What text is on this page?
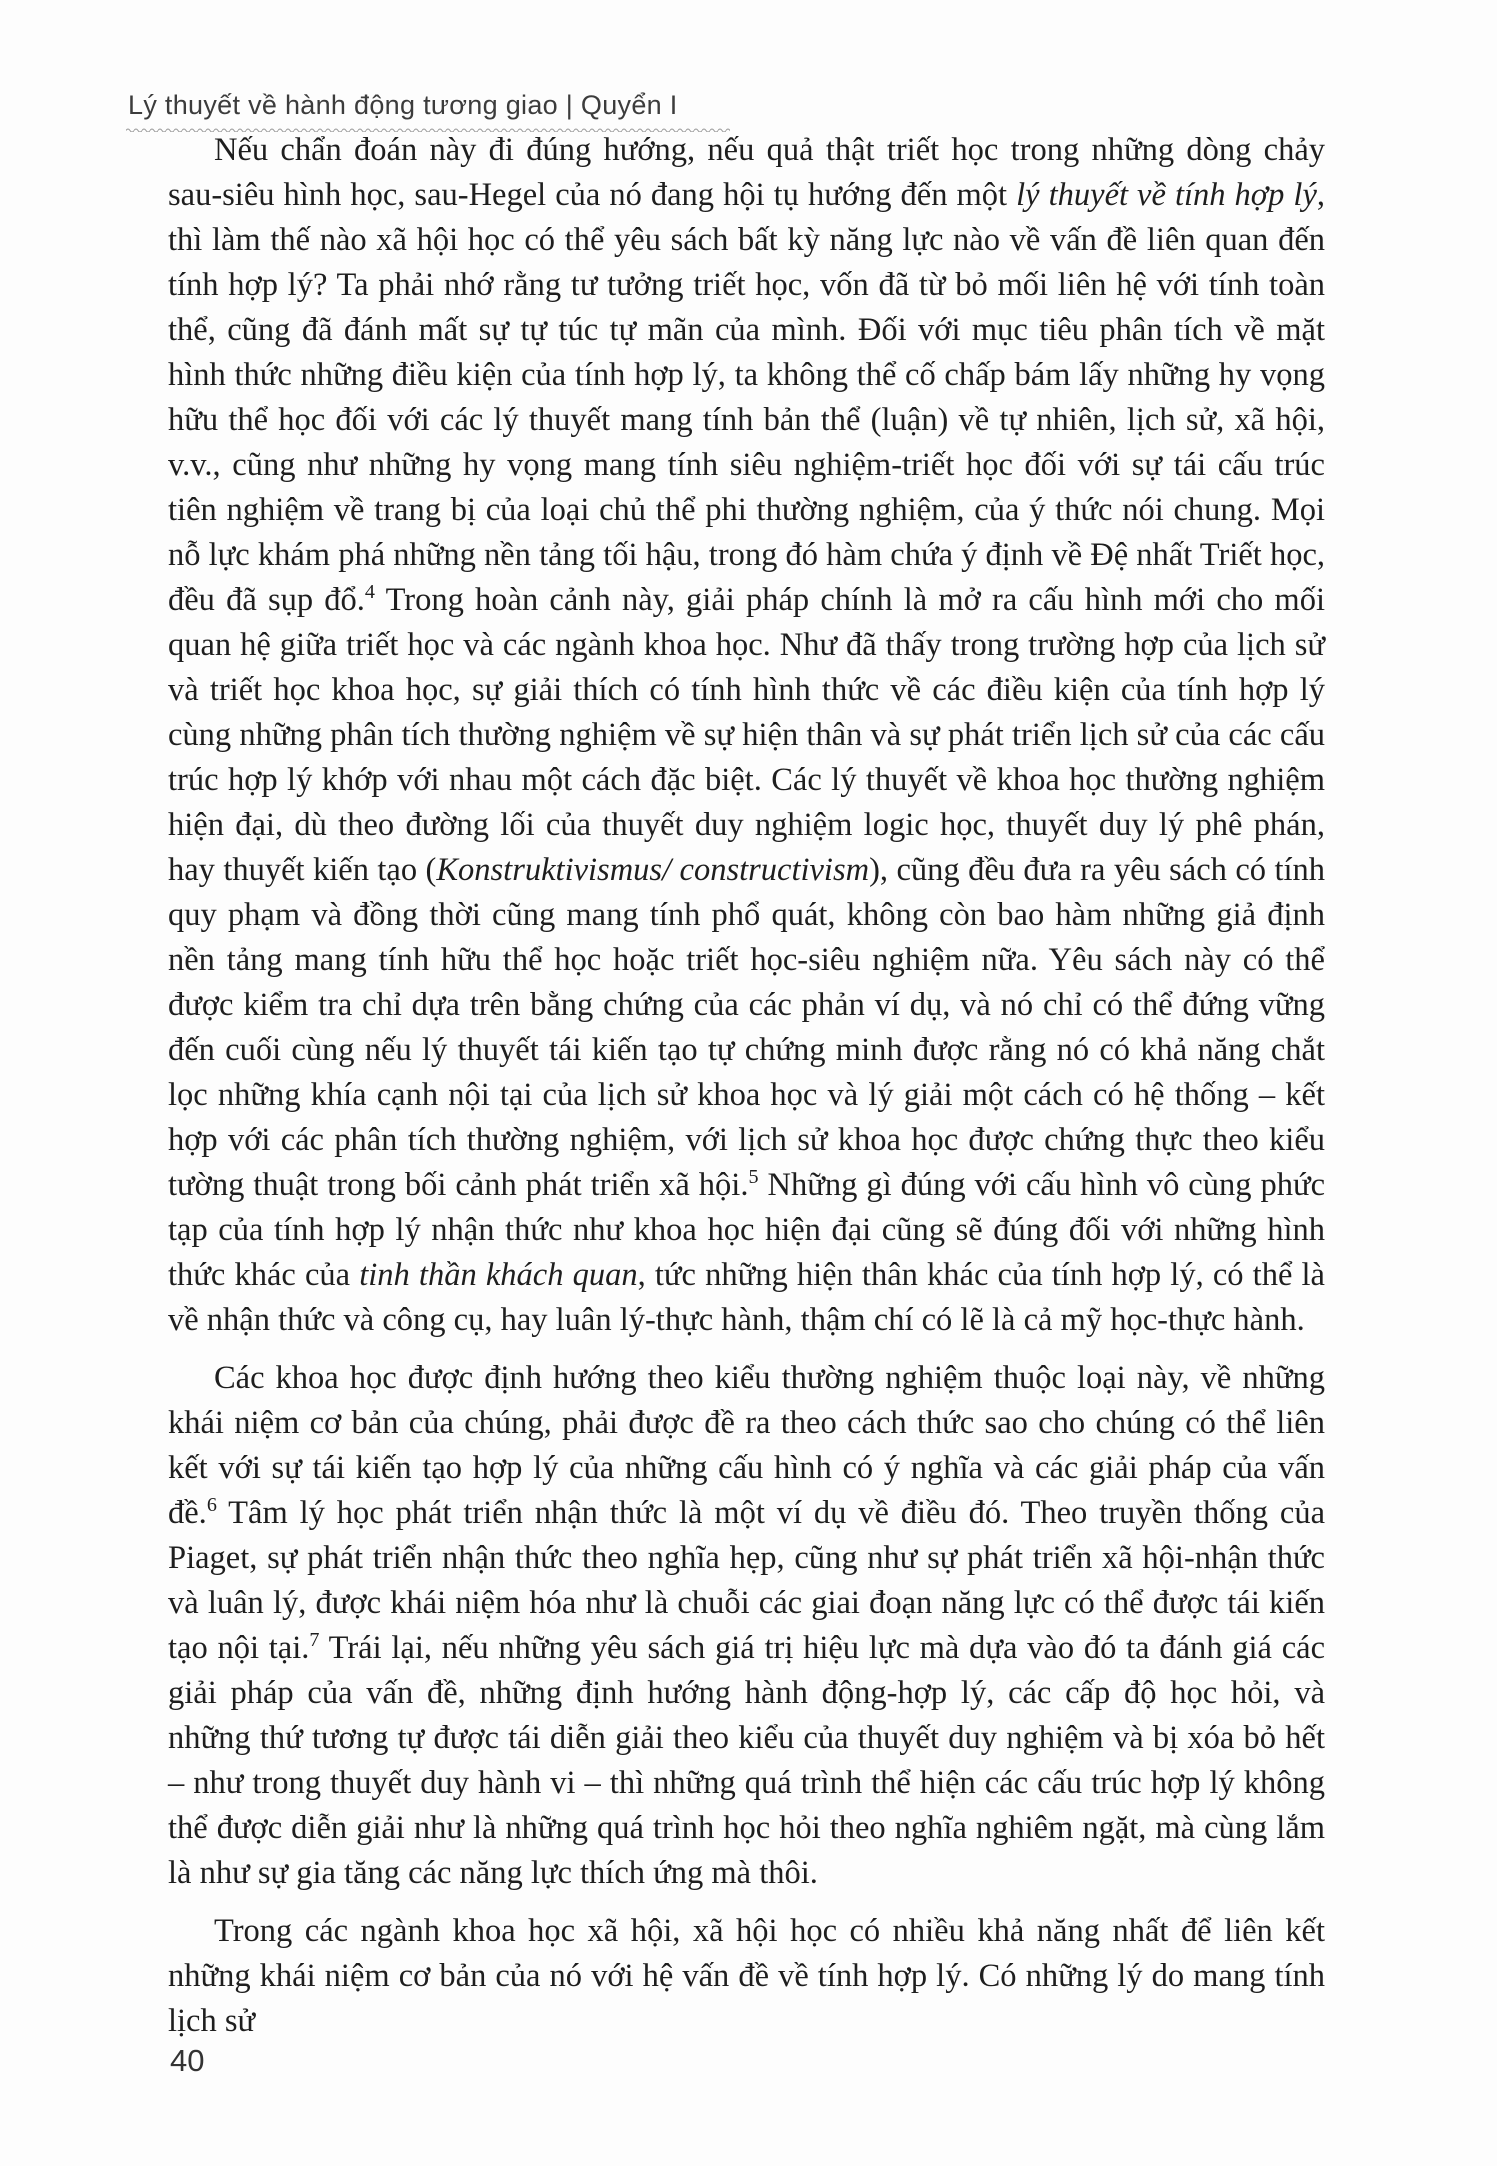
Lý thuyết về hành động tương giao | Quyển I

Nếu chẩn đoán này đi đúng hướng, nếu quả thật triết học trong những dòng chảy sau-siêu hình học, sau-Hegel của nó đang hội tụ hướng đến một lý thuyết về tính hợp lý, thì làm thế nào xã hội học có thể yêu sách bất kỳ năng lực nào về vấn đề liên quan đến tính hợp lý? Ta phải nhớ rằng tư tưởng triết học, vốn đã từ bỏ mối liên hệ với tính toàn thể, cũng đã đánh mất sự tự túc tự mãn của mình. Đối với mục tiêu phân tích về mặt hình thức những điều kiện của tính hợp lý, ta không thể cố chấp bám lấy những hy vọng hữu thể học đối với các lý thuyết mang tính bản thể (luận) về tự nhiên, lịch sử, xã hội, v.v., cũng như những hy vọng mang tính siêu nghiệm-triết học đối với sự tái cấu trúc tiên nghiệm về trang bị của loại chủ thể phi thường nghiệm, của ý thức nói chung. Mọi nỗ lực khám phá những nền tảng tối hậu, trong đó hàm chứa ý định về Đệ nhất Triết học, đều đã sụp đổ.$^4$ Trong hoàn cảnh này, giải pháp chính là mở ra cấu hình mới cho mối quan hệ giữa triết học và các ngành khoa học. Như đã thấy trong trường hợp của lịch sử và triết học khoa học, sự giải thích có tính hình thức về các điều kiện của tính hợp lý cùng những phân tích thường nghiệm về sự hiện thân và sự phát triển lịch sử của các cấu trúc hợp lý khớp với nhau một cách đặc biệt. Các lý thuyết về khoa học thường nghiệm hiện đại, dù theo đường lối của thuyết duy nghiệm logic học, thuyết duy lý phê phán, hay thuyết kiến tạo (Konstruktivismus/ constructivism), cũng đều đưa ra yêu sách có tính quy phạm và đồng thời cũng mang tính phổ quát, không còn bao hàm những giả định nền tảng mang tính hữu thể học hoặc triết học-siêu nghiệm nữa. Yêu sách này có thể được kiểm tra chỉ dựa trên bằng chứng của các phản ví dụ, và nó chỉ có thể đứng vững đến cuối cùng nếu lý thuyết tái kiến tạo tự chứng minh được rằng nó có khả năng chắt lọc những khía cạnh nội tại của lịch sử khoa học và lý giải một cách có hệ thống – kết hợp với các phân tích thường nghiệm, với lịch sử khoa học được chứng thực theo kiểu tường thuật trong bối cảnh phát triển xã hội.$^5$ Những gì đúng với cấu hình vô cùng phức tạp của tính hợp lý nhận thức như khoa học hiện đại cũng sẽ đúng đối với những hình thức khác của tinh thần khách quan, tức những hiện thân khác của tính hợp lý, có thể là về nhận thức và công cụ, hay luân lý-thực hành, thậm chí có lẽ là cả mỹ học-thực hành.

Các khoa học được định hướng theo kiểu thường nghiệm thuộc loại này, về những khái niệm cơ bản của chúng, phải được đề ra theo cách thức sao cho chúng có thể liên kết với sự tái kiến tạo hợp lý của những cấu hình có ý nghĩa và các giải pháp của vấn đề.$^6$ Tâm lý học phát triển nhận thức là một ví dụ về điều đó. Theo truyền thống của Piaget, sự phát triển nhận thức theo nghĩa hẹp, cũng như sự phát triển xã hội-nhận thức và luân lý, được khái niệm hóa như là chuỗi các giai đoạn năng lực có thể được tái kiến tạo nội tại.$^7$ Trái lại, nếu những yêu sách giá trị hiệu lực mà dựa vào đó ta đánh giá các giải pháp của vấn đề, những định hướng hành động-hợp lý, các cấp độ học hỏi, và những thứ tương tự được tái diễn giải theo kiểu của thuyết duy nghiệm và bị xóa bỏ hết – như trong thuyết duy hành vi – thì những quá trình thể hiện các cấu trúc hợp lý không thể được diễn giải như là những quá trình học hỏi theo nghĩa nghiêm ngặt, mà cùng lắm là như sự gia tăng các năng lực thích ứng mà thôi.

Trong các ngành khoa học xã hội, xã hội học có nhiều khả năng nhất để liên kết những khái niệm cơ bản của nó với hệ vấn đề về tính hợp lý. Có những lý do mang tính lịch sử

40
